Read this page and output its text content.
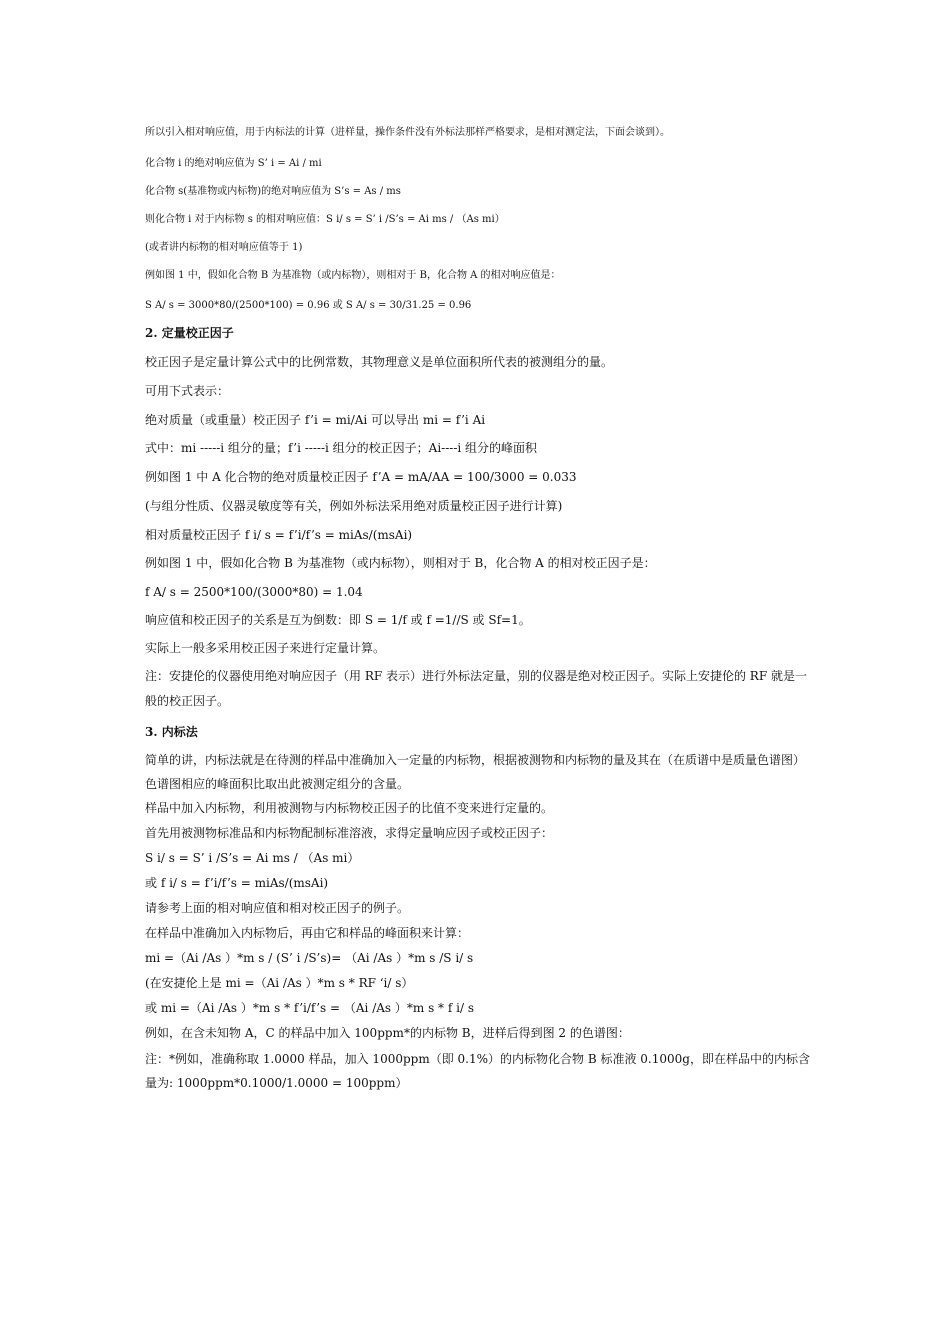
所以引入相对响应值，用于内标法的计算（进样量，操作条件没有外标法那样严格要求，是相对测定法，下面会谈到）。
化合物 i 的绝对响应值为 S’ i = Ai / mi
化合物 s(基准物或内标物)的绝对响应值为 S’s = As / ms
则化合物 i 对于内标物 s 的相对响应值：S i/ s = S’ i /S’s = Ai ms / （As mi）
(或者讲内标物的相对响应值等于 1)
例如图 1 中，假如化合物 B 为基准物（或内标物），则相对于 B，化合物 A 的相对响应值是：
S A/ s = 3000*80/(2500*100) = 0.96 或 S A/ s = 30/31.25 = 0.96
2. 定量校正因子
校正因子是定量计算公式中的比例常数，其物理意义是单位面积所代表的被测组分的量。
可用下式表示：
绝对质量（或重量）校正因子 f’i = mi/Ai 可以导出 mi = f’i Ai
式中：mi -----i 组分的量；f’i -----i 组分的校正因子；Ai----i 组分的峰面积
例如图 1 中 A 化合物的绝对质量校正因子 f’A = mA/AA = 100/3000 = 0.033
(与组分性质、仪器灵敏度等有关，例如外标法采用绝对质量校正因子进行计算)
相对质量校正因子 f i/ s = f’i/f’s = miAs/(msAi)
例如图 1 中，假如化合物 B 为基准物（或内标物），则相对于 B，化合物 A 的相对校正因子是：
f A/ s = 2500*100/(3000*80) = 1.04
响应值和校正因子的关系是互为倒数：即 S = 1/f 或 f =1//S 或 Sf=1。
实际上一般多采用校正因子来进行定量计算。
注：安捷伦的仪器使用绝对响应因子（用 RF 表示）进行外标法定量，别的仪器是绝对校正因子。实际上安捷伦的 RF 就是一般的校正因子。
3. 内标法
简单的讲，内标法就是在待测的样品中准确加入一定量的内标物，根据被测物和内标物的量及其在（在质谱中是质量色谱图）色谱图相应的峰面积比取出此被测定组分的含量。
样品中加入内标物，利用被测物与内标物校正因子的比值不变来进行定量的。
首先用被测物标准品和内标物配制标准溶液，求得定量响应因子或校正因子：
S i/ s = S’ i /S’s = Ai ms / （As mi）
或 f i/ s = f’i/f’s = miAs/(msAi)
请参考上面的相对响应值和相对校正因子的例子。
在样品中准确加入内标物后，再由它和样品的峰面积来计算：
mi =（Ai /As ）*m s / (S’ i /S’s)= （Ai /As ）*m s /S i/ s
(在安捷伦上是 mi =（Ai /As ）*m s * RF ‘i/ s）
或 mi =（Ai /As ）*m s * f’i/f’s = （Ai /As ）*m s * f i/ s
例如，在含未知物 A，C 的样品中加入 100ppm*的内标物 B，进样后得到图 2 的色谱图：
注：*例如，准确称取 1.0000 样品，加入 1000ppm（即 0.1%）的内标物化合物 B 标准液 0.1000g，即在样品中的内标含量为: 1000ppm*0.1000/1.0000 = 100ppm）
